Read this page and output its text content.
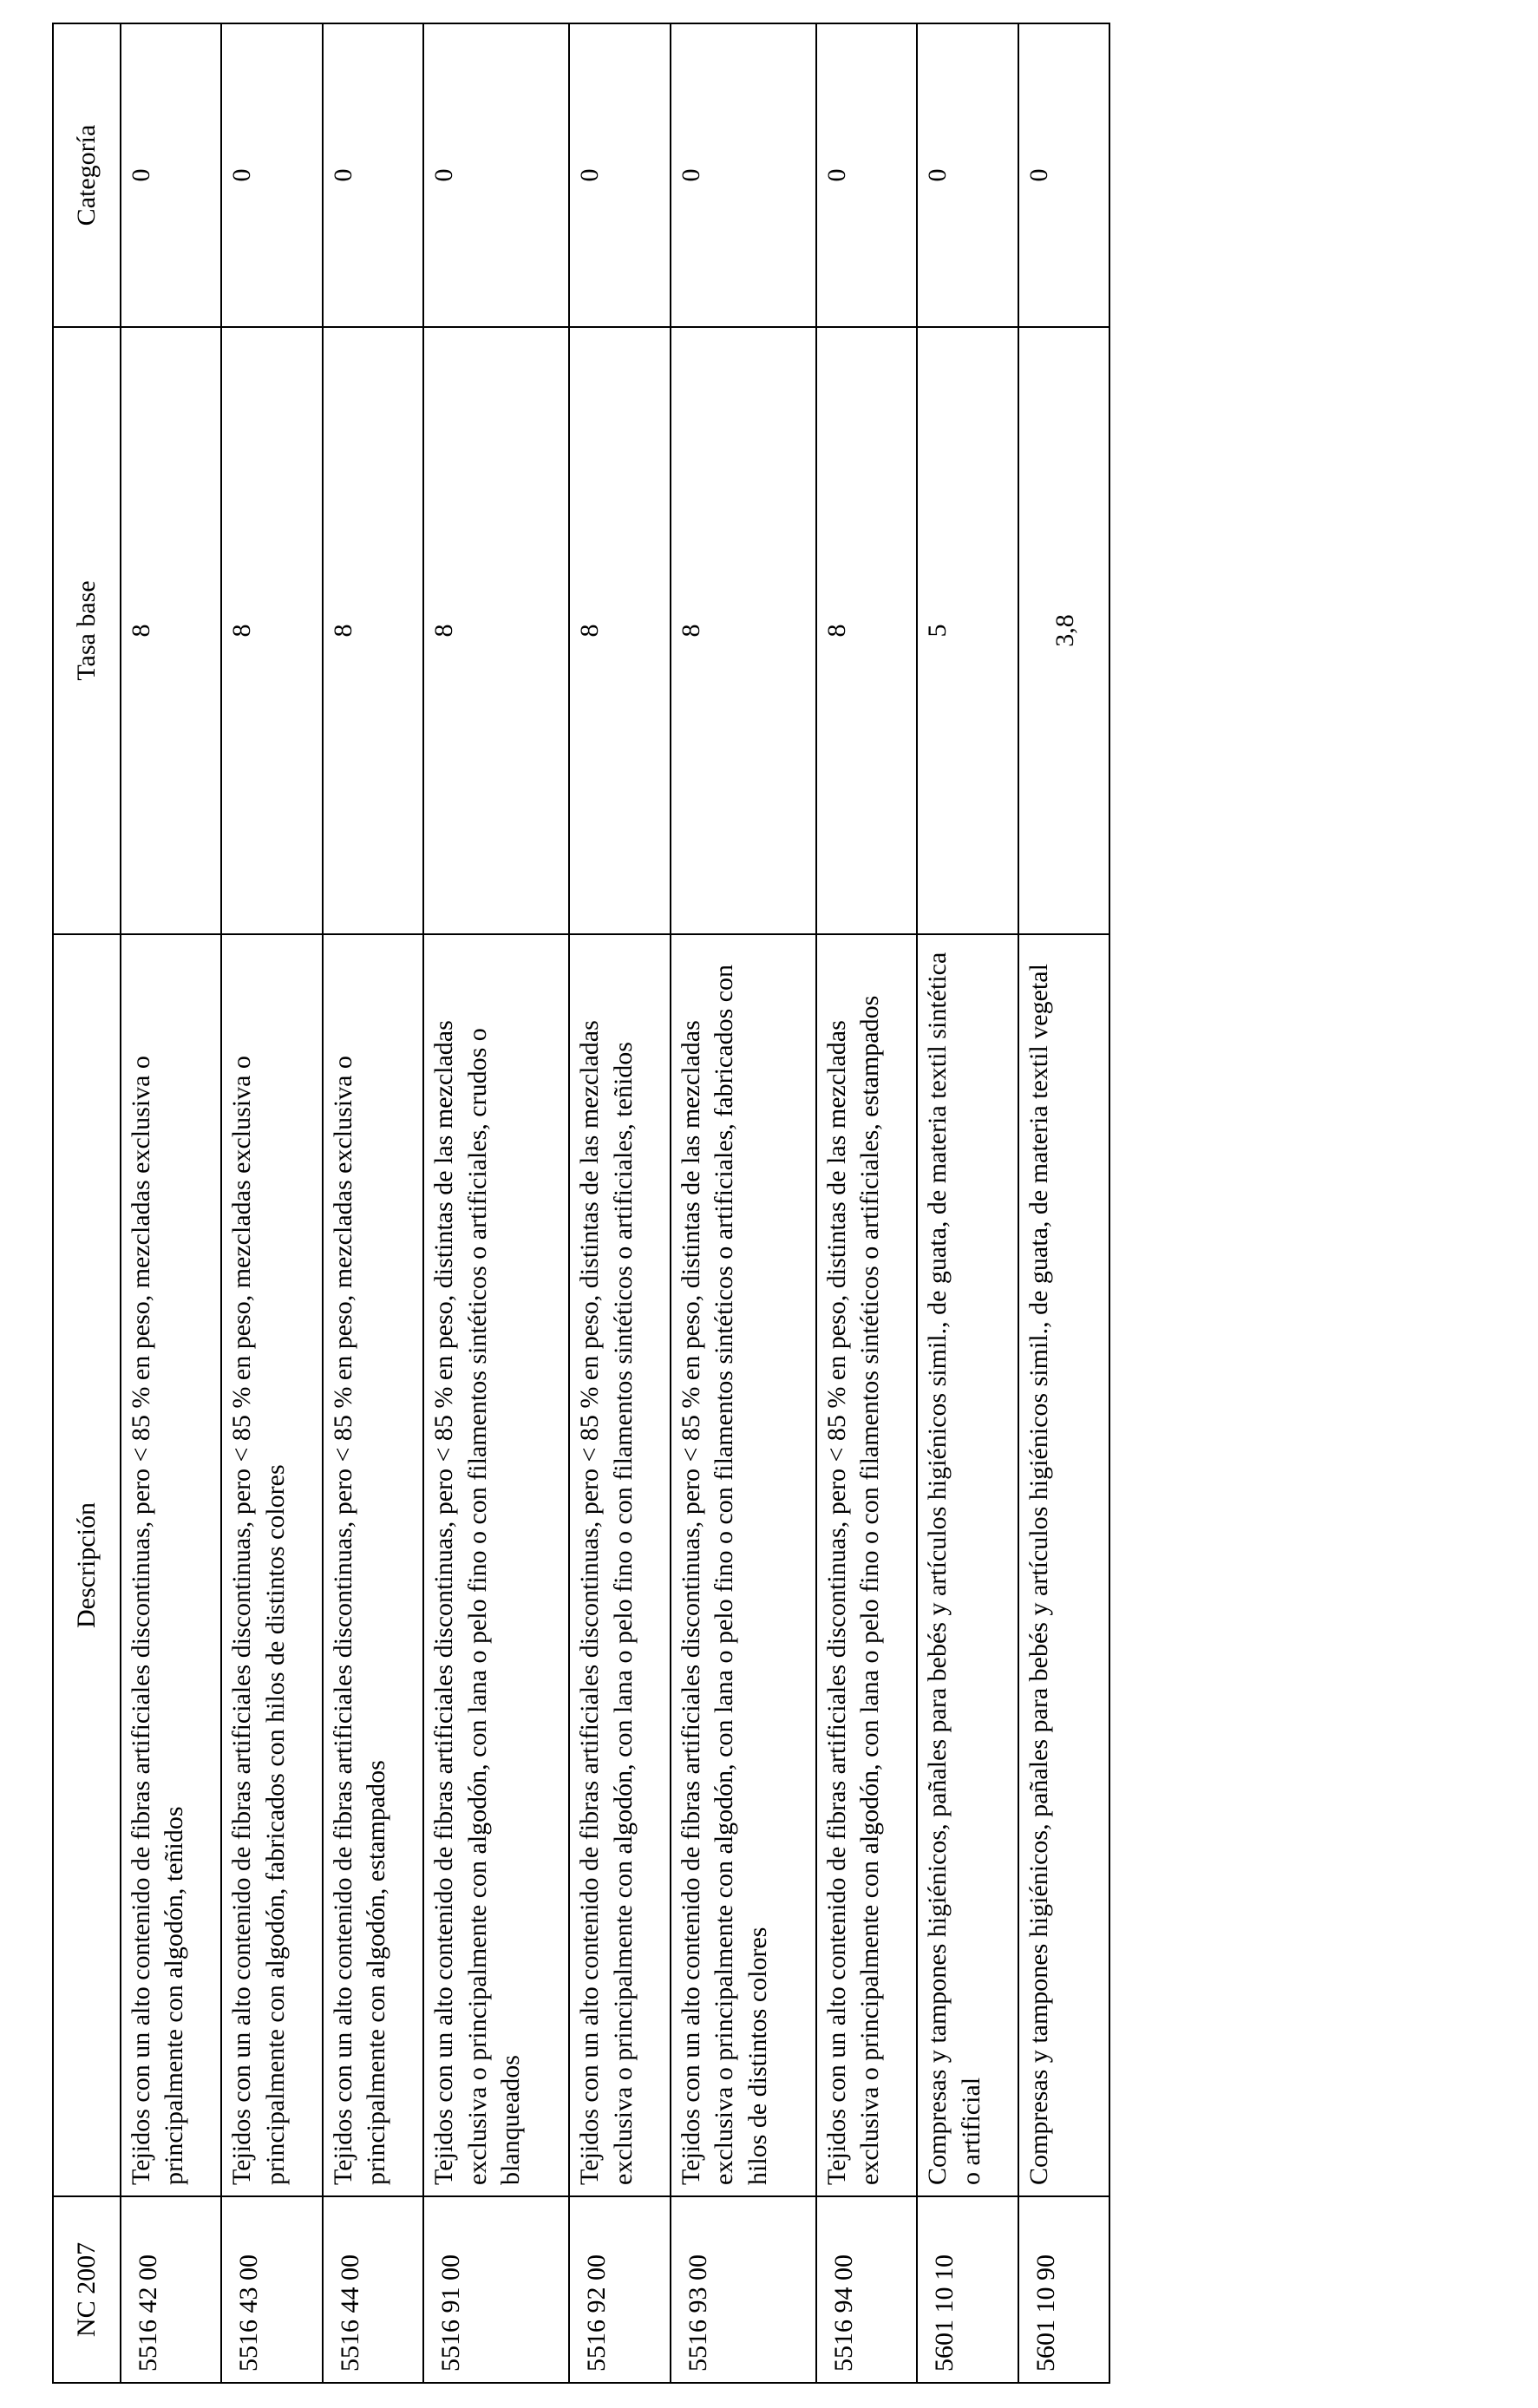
NC 2007	Descripción	Tasa base	Categoría

5516 42 00	Tejidos con un alto contenido de fibras artificiales discontinuas, pero < 85 % en peso, mezcladas exclusiva o principalmente con algodón, teñidos	8	0

5516 43 00	Tejidos con un alto contenido de fibras artificiales discontinuas, pero < 85 % en peso, mezcladas exclusiva o principalmente con algodón, fabricados con hilos de distintos colores	8	0

5516 44 00	Tejidos con un alto contenido de fibras artificiales discontinuas, pero < 85 % en peso, mezcladas exclusiva o principalmente con algodón, estampados	8	0

5516 91 00	Tejidos con un alto contenido de fibras artificiales discontinuas, pero < 85 % en peso, distintas de las mezcladas exclusiva o principalmente con algodón, con lana o pelo fino o con filamentos sintéticos o artificiales, crudos o blanqueados	8	0

5516 92 00	Tejidos con un alto contenido de fibras artificiales discontinuas, pero < 85 % en peso, distintas de las mezcladas exclusiva o principalmente con algodón, con lana o pelo fino o con filamentos sintéticos o artificiales, teñidos	8	0

5516 93 00	Tejidos con un alto contenido de fibras artificiales discontinuas, pero < 85 % en peso, distintas de las mezcladas exclusiva o principalmente con algodón, con lana o pelo fino o con filamentos sintéticos o artificiales, fabricados con hilos de distintos colores	8	0

5516 94 00	Tejidos con un alto contenido de fibras artificiales discontinuas, pero < 85 % en peso, distintas de las mezcladas exclusiva o principalmente con algodón, con lana o pelo fino o con filamentos sintéticos o artificiales, estampados	8	0

5601 10 10	Compresas y tampones higiénicos, pañales para bebés y artículos higiénicos simil., de guata, de materia textil sintética o artificial	5	0

5601 10 90	Compresas y tampones higiénicos, pañales para bebés y artículos higiénicos simil., de guata, de materia textil vegetal	3,8	0
